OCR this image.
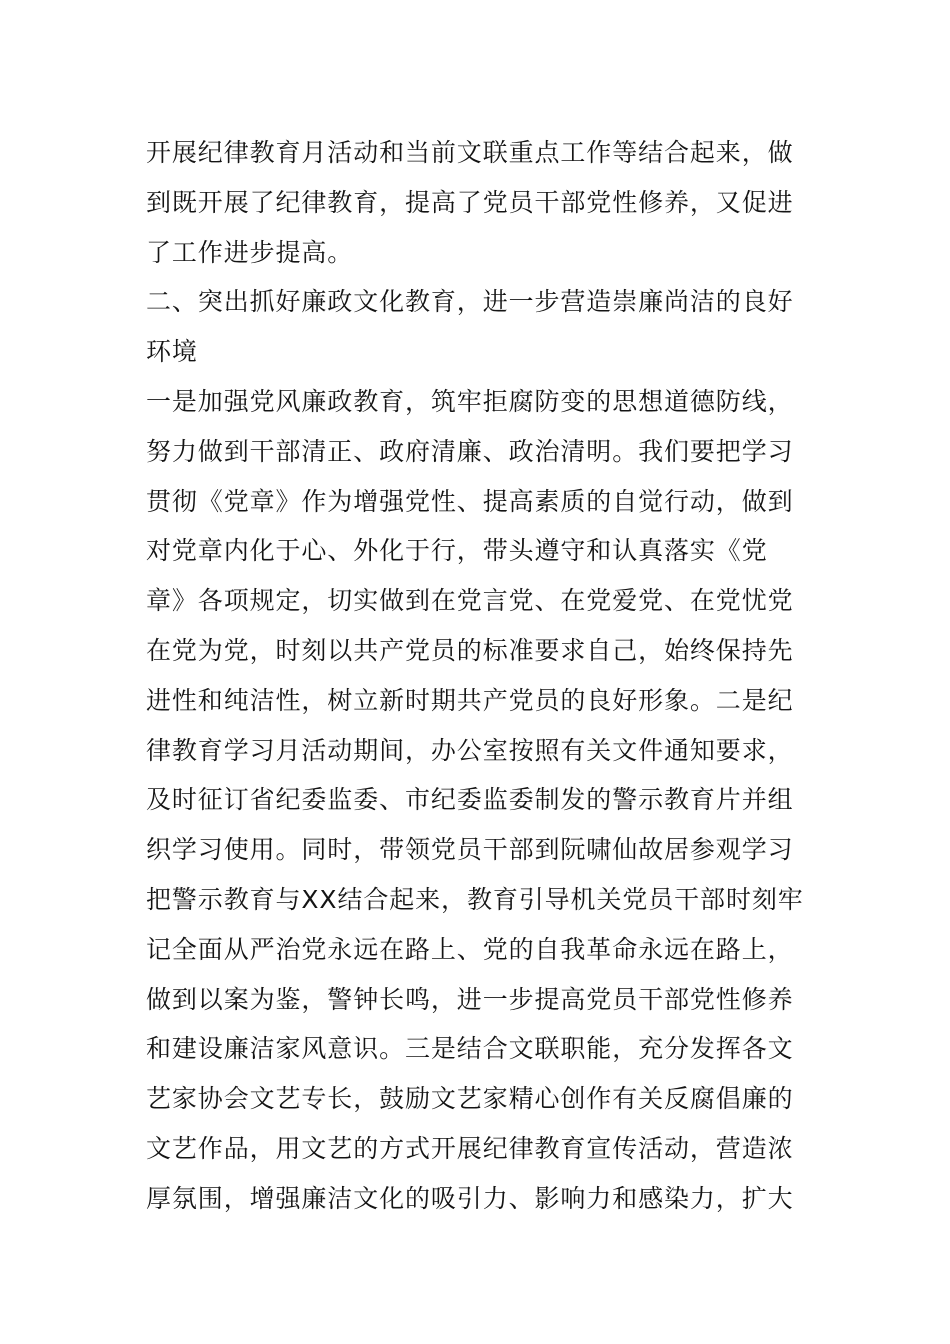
开展纪律教育月活动和当前文联重点工作等结合起来，做
到既开展了纪律教育，提高了党员干部党性修养，又促进
了工作进步提高。
二、突出抓好廉政文化教育，进一步营造崇廉尚洁的良好
环境
一是加强党风廉政教育，筑牢拒腐防变的思想道德防线，
努力做到干部清正、政府清廉、政治清明。我们要把学习
贯彻《党章》作为增强党性、提高素质的自觉行动，做到
对党章内化于心、外化于行，带头遵守和认真落实《党
章》各项规定，切实做到在党言党、在党爱党、在党忧党
在党为党，时刻以共产党员的标准要求自己，始终保持先
进性和纯洁性，树立新时期共产党员的良好形象。二是纪
律教育学习月活动期间，办公室按照有关文件通知要求，
及时征订省纪委监委、市纪委监委制发的警示教育片并组
织学习使用。同时，带领党员干部到阮啸仙故居参观学习
把警示教育与XX结合起来，教育引导机关党员干部时刻牢
记全面从严治党永远在路上、党的自我革命永远在路上，
做到以案为鉴，警钟长鸣，进一步提高党员干部党性修养
和建设廉洁家风意识。三是结合文联职能，充分发挥各文
艺家协会文艺专长，鼓励文艺家精心创作有关反腐倡廉的
文艺作品，用文艺的方式开展纪律教育宣传活动，营造浓
厚氛围，增强廉洁文化的吸引力、影响力和感染力，扩大
